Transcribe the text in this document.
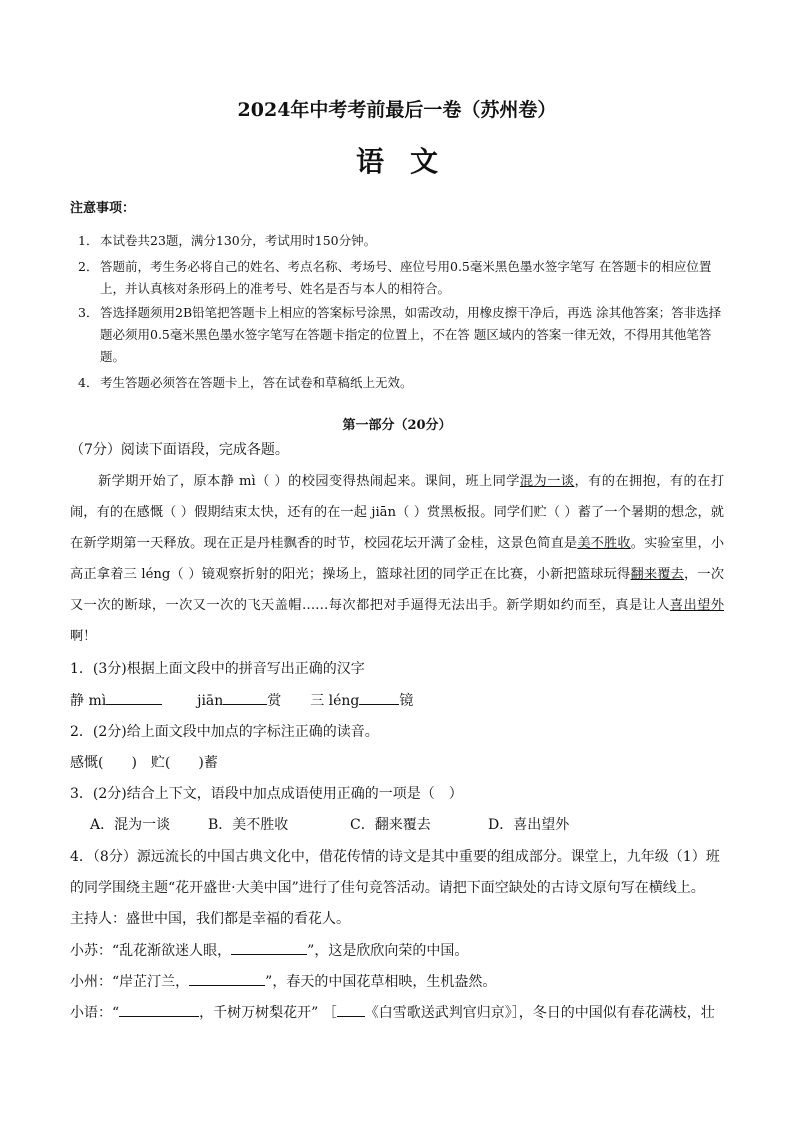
2024年中考考前最后一卷（苏州卷）
语文
注意事项：
1． 本试卷共23题，满分130分，考试用时150分钟。
2． 答题前，考生务必将自己的姓名、考点名称、考场号、座位号用0.5毫米黑色墨水签字笔写 在答题卡的相应位置上，并认真核对条形码上的准考号、姓名是否与本人的相符合。
3． 答选择题须用2B铅笔把答题卡上相应的答案标号涂黑，如需改动，用橡皮擦干净后，再选 涂其他答案；答非选择题必须用0.5毫米黑色墨水签字笔写在答题卡指定的位置上，不在答 题区域内的答案一律无效，不得用其他笔答题。
4． 考生答题必须答在答题卡上，答在试卷和草稿纸上无效。
第一部分（20分）
（7分）阅读下面语段，完成各题。
新学期开始了，原本静 mì（ ）的校园变得热闹起来。课间，班上同学混为一谈，有的在拥抱，有的在打闹，有的在感慨（ ）假期结束太快，还有的在一起 jiān（ ）赏黑板报。同学们贮（ ）蓄了一个暑期的想念，就在新学期第一天释放。现在正是丹桂飘香的时节，校园花坛开满了金桂，这景色简直是美不胜收。实验室里，小高正拿着三 léng（ ）镜观察折射的阳光；操场上，篮球社团的同学正在比赛，小新把篮球玩得翻来覆去，一次又一次的断球，一次又一次的飞天盖帽……每次都把对手逼得无法出手。新学期如约而至，真是让人喜出望外啊！
1．(3分)根据上面文段中的拼音写出正确的汉字
静 mì	jiān	赏 三 léng	镜
2．(2分)给上面文段中加点的字标注正确的读音。
感慨(　　)　贮(　　)蓄
3．(2分)结合上下文，语段中加点成语使用正确的一项是（　）
A．混为一谈	B．美不胜收	C．翻来覆去	D．喜出望外
4．（8分）源远流长的中国古典文化中，借花传情的诗文是其中重要的组成部分。课堂上，九年级（1）班
的同学围绕主题“花开盛世·大美中国”进行了佳句竞答活动。请把下面空缺处的古诗文原句写在横线上。
主持人：盛世中国，我们都是幸福的看花人。
小苏：“乱花渐欲迷人眼，	”，这是欣欣向荣的中国。
小州：“岸芷汀兰，	”，春天的中国花草相映，生机盎然。
小语：“	，千树万树梨花开” ［ 《白雪歌送武判官归京》］，冬日的中国似有春花满枝，壮
